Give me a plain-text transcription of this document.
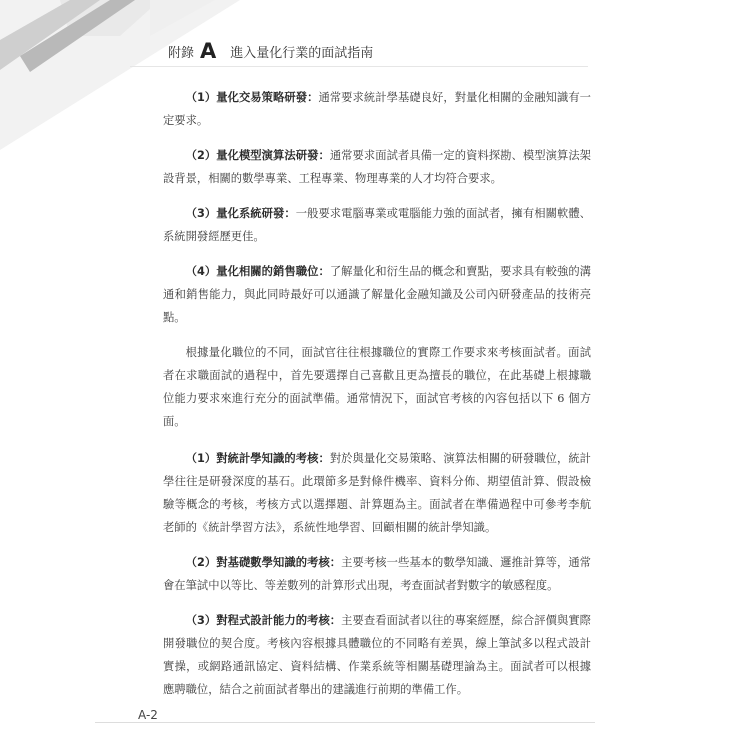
附錄 A 進入量化行業的面試指南

（1）量化交易策略研發：通常要求統計學基礎良好，對量化相關的金融知識有一定要求。

（2）量化模型演算法研發：通常要求面試者具備一定的資料探勘、模型演算法架設背景，相關的數學專業、工程專業、物理專業的人才均符合要求。

（3）量化系統研發：一般要求電腦專業或電腦能力強的面試者，擁有相關軟體、系統開發經歷更佳。

（4）量化相關的銷售職位：了解量化和衍生品的概念和賣點，要求具有較強的溝通和銷售能力，與此同時最好可以通識了解量化金融知識及公司內研發產品的技術亮點。

根據量化職位的不同，面試官往往根據職位的實際工作要求來考核面試者。面試者在求職面試的過程中，首先要選擇自己喜歡且更為擅長的職位，在此基礎上根據職位能力要求來進行充分的面試準備。通常情況下，面試官考核的內容包括以下 6 個方面。

（1）對統計學知識的考核：對於與量化交易策略、演算法相關的研發職位，統計學往往是研發深度的基石。此環節多是對條件機率、資料分佈、期望值計算、假設檢驗等概念的考核，考核方式以選擇題、計算題為主。面試者在準備過程中可參考李航老師的《統計學習方法》，系統性地學習、回顧相關的統計學知識。

（2）對基礎數學知識的考核：主要考核一些基本的數學知識、邏推計算等，通常會在筆試中以等比、等差數列的計算形式出現，考查面試者對數字的敏感程度。

（3）對程式設計能力的考核：主要查看面試者以往的專案經歷，綜合評價與實際開發職位的契合度。考核內容根據具體職位的不同略有差異，線上筆試多以程式設計實操，或網路通訊協定、資料結構、作業系統等相關基礎理論為主。面試者可以根據應聘職位，結合之前面試者舉出的建議進行前期的準備工作。

A-2
